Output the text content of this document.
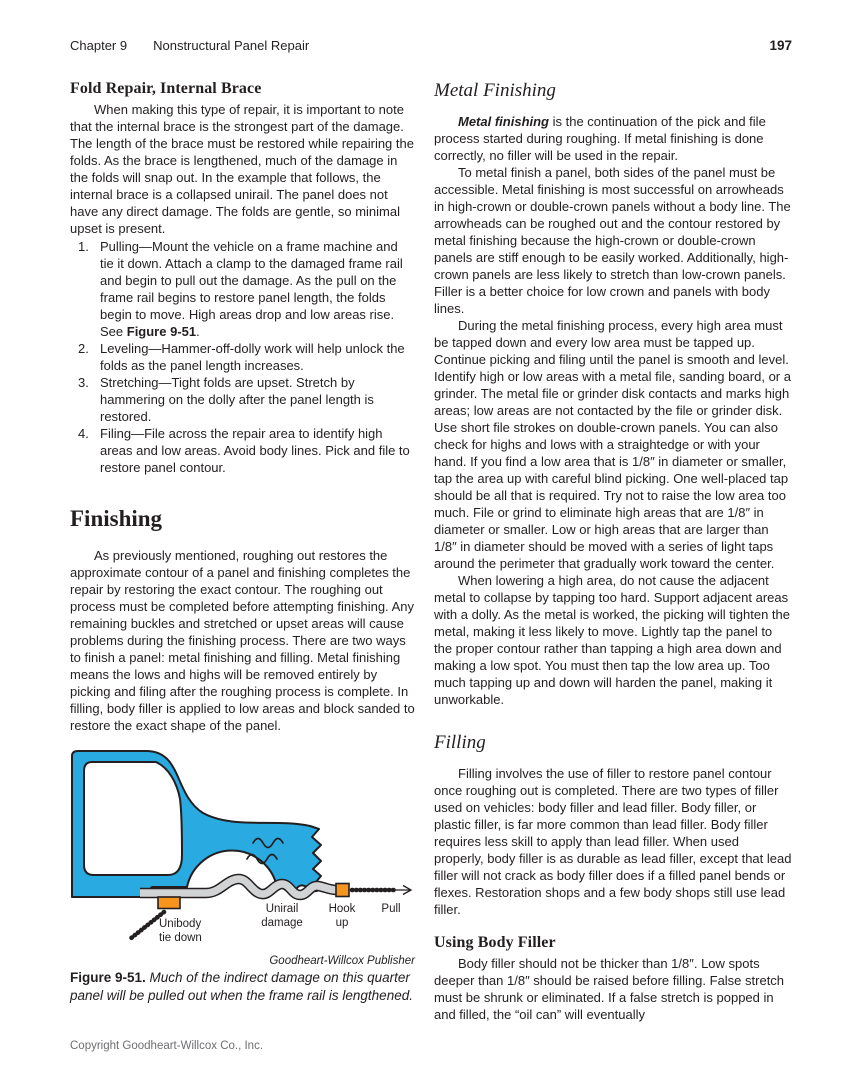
Chapter 9 Nonstructural Panel Repair	197
Fold Repair, Internal Brace

When making this type of repair, it is important to note that the internal brace is the strongest part of the damage. The length of the brace must be restored while repairing the folds. As the brace is lengthened, much of the damage in the folds will snap out. In the example that follows, the internal brace is a collapsed unirail. The panel does not have any direct damage. The folds are gentle, so minimal upset is present.

1. Pulling—Mount the vehicle on a frame machine and tie it down. Attach a clamp to the damaged frame rail and begin to pull out the damage. As the pull on the frame rail begins to restore panel length, the folds begin to move. High areas drop and low areas rise. See Figure 9-51.
2. Leveling—Hammer-off-dolly work will help unlock the folds as the panel length increases.
3. Stretching—Tight folds are upset. Stretch by hammering on the dolly after the panel length is restored.
4. Filing—File across the repair area to identify high areas and low areas. Avoid body lines. Pick and file to restore panel contour.
Finishing

As previously mentioned, roughing out restores the approximate contour of a panel and finishing completes the repair by restoring the exact contour. The roughing out process must be completed before attempting finishing. Any remaining buckles and stretched or upset areas will cause problems during the finishing process. There are two ways to finish a panel: metal finishing and filling. Metal finishing means the lows and highs will be removed entirely by picking and filing after the roughing process is complete. In filling, body filler is applied to low areas and block sanded to restore the exact shape of the panel.

Unibody
tie down
Unirail
damage
Hook
up
Pull
Goodheart-Willcox Publisher
Figure 9-51. Much of the indirect damage on this quarter panel will be pulled out when the frame rail is lengthened.
Metal Finishing

Metal finishing is the continuation of the pick and file process started during roughing. If metal finishing is done correctly, no filler will be used in the repair.

To metal finish a panel, both sides of the panel must be accessible. Metal finishing is most successful on arrowheads in high-crown or double-crown panels without a body line. The arrowheads can be roughed out and the contour restored by metal finishing because the high-crown or double-crown panels are stiff enough to be easily worked. Additionally, high-crown panels are less likely to stretch than low-crown panels. Filler is a better choice for low crown and panels with body lines.

During the metal finishing process, every high area must be tapped down and every low area must be tapped up. Continue picking and filing until the panel is smooth and level. Identify high or low areas with a metal file, sanding board, or a grinder. The metal file or grinder disk contacts and marks high areas; low areas are not contacted by the file or grinder disk. Use short file strokes on double-crown panels. You can also check for highs and lows with a straightedge or with your hand. If you find a low area that is 1/8″ in diameter or smaller, tap the area up with careful blind picking. One well-placed tap should be all that is required. Try not to raise the low area too much. File or grind to eliminate high areas that are 1/8″ in diameter or smaller. Low or high areas that are larger than 1/8″ in diameter should be moved with a series of light taps around the perimeter that gradually work toward the center.

When lowering a high area, do not cause the adjacent metal to collapse by tapping too hard. Support adjacent areas with a dolly. As the metal is worked, the picking will tighten the metal, making it less likely to move. Lightly tap the panel to the proper contour rather than tapping a high area down and making a low spot. You must then tap the low area up. Too much tapping up and down will harden the panel, making it unworkable.

Filling

Filling involves the use of filler to restore panel contour once roughing out is completed. There are two types of filler used on vehicles: body filler and lead filler. Body filler, or plastic filler, is far more common than lead filler. Body filler requires less skill to apply than lead filler. When used properly, body filler is as durable as lead filler, except that lead filler will not crack as body filler does if a filled panel bends or flexes. Restoration shops and a few body shops still use lead filler.

Using Body Filler

Body filler should not be thicker than 1/8″. Low spots deeper than 1/8″ should be raised before filling. False stretch must be shrunk or eliminated. If a false stretch is popped in and filled, the “oil can” will eventually

Copyright Goodheart-Willcox Co., Inc.
